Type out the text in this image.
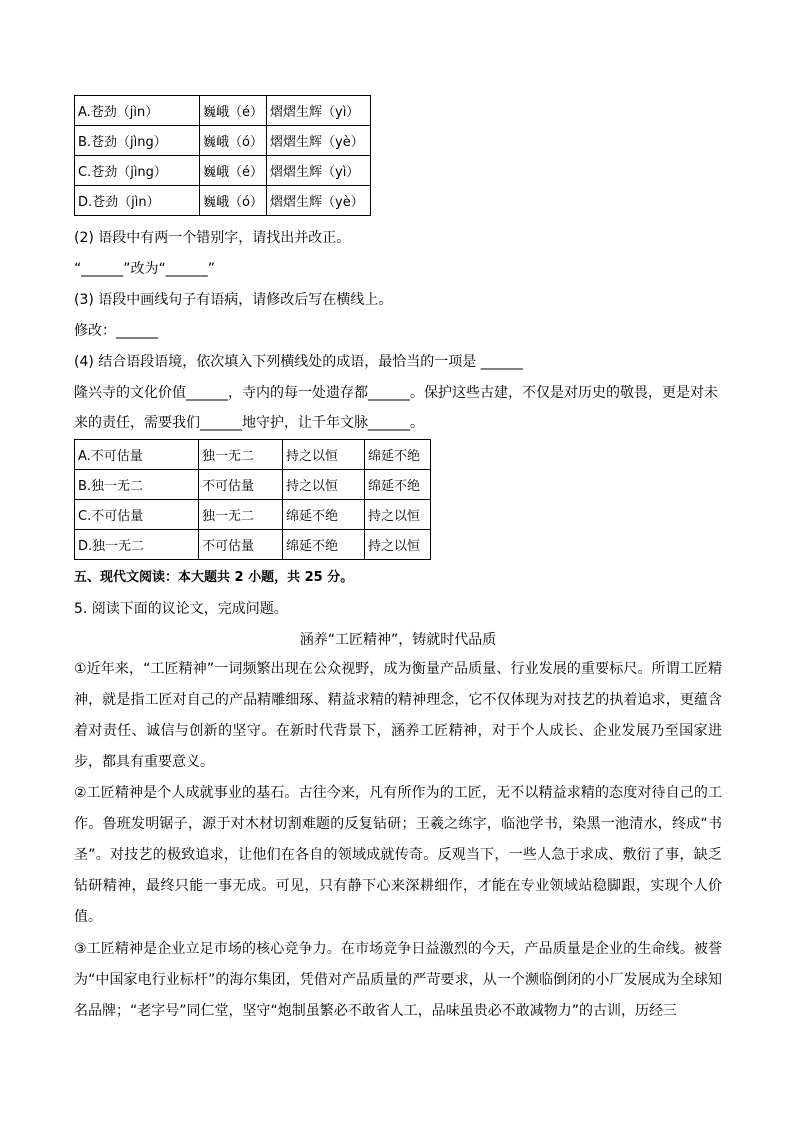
A.苍劲（jìn）	巍峨（é）	熠熠生辉（yì）
B.苍劲（jìng）	巍峨（ó）	熠熠生辉（yè）
C.苍劲（jìng）	巍峨（é）	熠熠生辉（yì）
D.苍劲（jìn）	巍峨（ó）	熠熠生辉（yè）
(2) 语段中有两一个错别字，请找出并改正。
“______”改为“______”
(3) 语段中画线句子有语病，请修改后写在横线上。
修改：______
(4) 结合语段语境，依次填入下列横线处的成语，最恰当的一项是 ______
隆兴寺的文化价值______，寺内的每一处遗存都______。保护这些古建，不仅是对历史的敬畏，更是对未
来的责任，需要我们______地守护，让千年文脉______。
A.不可估量	独一无二	持之以恒	绵延不绝
B.独一无二	不可估量	持之以恒	绵延不绝
C.不可估量	独一无二	绵延不绝	持之以恒
D.独一无二	不可估量	绵延不绝	持之以恒
五、现代文阅读：本大题共 2 小题，共 25 分。
5. 阅读下面的议论文，完成问题。
涵养“工匠精神”，铸就时代品质
①近年来，“工匠精神”一词频繁出现在公众视野，成为衡量产品质量、行业发展的重要标尺。所谓工匠精神，就是指工匠对自己的产品精雕细琢、精益求精的精神理念，它不仅体现为对技艺的执着追求，更蕴含着对责任、诚信与创新的坚守。在新时代背景下，涵养工匠精神，对于个人成长、企业发展乃至国家进步，都具有重要意义。
②工匠精神是个人成就事业的基石。古往今来，凡有所作为的工匠，无不以精益求精的态度对待自己的工作。鲁班发明锯子，源于对木材切割难题的反复钻研；王羲之练字，临池学书，染黑一池清水，终成“书圣”。对技艺的极致追求，让他们在各自的领域成就传奇。反观当下，一些人急于求成、敷衍了事，缺乏钻研精神，最终只能一事无成。可见，只有静下心来深耕细作，才能在专业领域站稳脚跟，实现个人价值。
③工匠精神是企业立足市场的核心竞争力。在市场竞争日益激烈的今天，产品质量是企业的生命线。被誉为“中国家电行业标杆”的海尔集团，凭借对产品质量的严苛要求，从一个濒临倒闭的小厂发展成为全球知名品牌；“老字号”同仁堂，坚守“炮制虽繁必不敢省人工，品味虽贵必不敢减物力”的古训，历经三
